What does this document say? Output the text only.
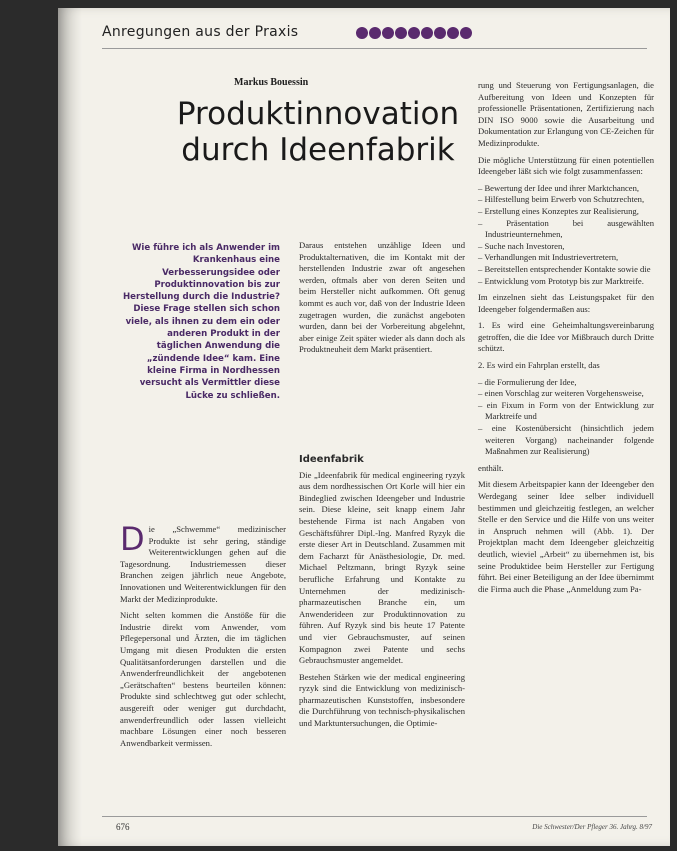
Anregungen aus der Praxis
Markus Bouessin
Produktinnovation
durch Ideenfabrik
Wie führe ich als Anwender im Krankenhaus eine Verbesserungsidee oder Produktinnovation bis zur Herstellung durch die Industrie? Diese Frage stellen sich schon viele, als ihnen zu dem ein oder anderen Produkt in der täglichen Anwendung die „zündende Idee“ kam. Eine kleine Firma in Nordhessen versucht als Vermittler diese Lücke zu schließen.

Daraus entstehen unzählige Ideen und Produktalternativen, die im Kontakt mit der herstellenden Industrie zwar oft angesehen werden, oftmals aber von deren Seiten und beim Hersteller nicht aufkommen. Oft genug kommt es auch vor, daß von der Industrie Ideen zugetragen wurden, die zunächst angeboten wurden, dann bei der Vorbereitung abgelehnt, aber einige Zeit später wieder als dann doch als Produktneuheit dem Markt präsentiert.

Die „Schwemme“ medizinischer Produkte ist sehr gering, ständige Weiterentwicklungen gehen auf die Tagesordnung. Industriemessen dieser Branchen zeigen jährlich neue Angebote, Innovationen und Weiterentwicklungen für den Markt der Medizinprodukte.

Nicht selten kommen die Anstöße für die Industrie direkt vom Anwender, vom Pflegepersonal und Ärzten, die im täglichen Umgang mit diesen Produkten die ersten Qualitätsanforderungen darstellen und die Anwenderfreundlichkeit der angebotenen „Gerätschaften“ bestens beurteilen können: Produkte sind schlechtweg gut oder schlecht, ausgereift oder weniger gut durchdacht, anwenderfreundlich oder lassen vielleicht machbare Lösungen einer noch besseren Anwendbarkeit vermissen.

Ideenfabrik

Die „Ideenfabrik für medical engineering ryzyk aus dem nordhessischen Ort Korle will hier ein Bindeglied zwischen Ideengeber und Industrie sein. Diese kleine, seit knapp einem Jahr bestehende Firma ist nach Angaben von Geschäftsführer Dipl.-Ing. Manfred Ryzyk die erste dieser Art in Deutschland. Zusammen mit dem Facharzt für Anästhesiologie, Dr. med. Michael Peltzmann, bringt Ryzyk seine berufliche Erfahrung und Kontakte zu Unternehmen der medizinisch-pharmazeutischen Branche ein, um Anwenderideen zur Produktinnovation zu führen. Auf Ryzyk sind bis heute 17 Patente und vier Gebrauchsmuster, auf seinen Kompagnon zwei Patente und sechs Gebrauchsmuster angemeldet.

Bestehen Stärken wie der medical engineering ryzyk sind die Entwicklung von medizinisch-pharmazeutischen Kunststoffen, insbesondere die Durchführung von technisch-physikalischen und Marktuntersuchungen, die Optimie-

rung und Steuerung von Fertigungsanlagen, die Aufbereitung von Ideen und Konzepten für professionelle Präsentationen, Zertifizierung nach DIN ISO 9000 sowie die Ausarbeitung und Dokumentation zur Erlangung von CE-Zeichen für Medizinprodukte.

Die mögliche Unterstützung für einen potentiellen Ideengeber läßt sich wie folgt zusammenfassen:

– Bewertung der Idee und ihrer Marktchancen,
– Hilfestellung beim Erwerb von Schutzrechten,
– Erstellung eines Konzeptes zur Realisierung,
– Präsentation bei ausgewählten Industrieunternehmen,
– Suche nach Investoren,
– Verhandlungen mit Industrievertretern,
– Bereitstellen entsprechender Kontakte sowie die
– Entwicklung vom Prototyp bis zur Marktreife.

Im einzelnen sieht das Leistungspaket für den Ideengeber folgendermaßen aus:

1. Es wird eine Geheimhaltungsvereinbarung getroffen, die die Idee vor Mißbrauch durch Dritte schützt.

2. Es wird ein Fahrplan erstellt, das

– die Formulierung der Idee,
– einen Vorschlag zur weiteren Vorgehensweise,
– ein Fixum in Form von der Entwicklung zur Marktreife und
– eine Kostenübersicht (hinsichtlich jedem weiteren Vorgang) nacheinander folgende Maßnahmen zur Realisierung)

enthält.

Mit diesem Arbeitspapier kann der Ideengeber den Werdegang seiner Idee selber individuell bestimmen und gleichzeitig festlegen, an welcher Stelle er den Service und die Hilfe von uns weiter in Anspruch nehmen will (Abb. 1). Der Projektplan macht dem Ideengeber gleichzeitig deutlich, wieviel „Arbeit“ zu übernehmen ist, bis seine Produktidee beim Hersteller zur Fertigung führt. Bei einer Beteiligung an der Idee übernimmt die Firma auch die Phase „Anmeldung zum Pa-

676	Die Schwester/Der Pfleger 36. Jahrg. 8/97
